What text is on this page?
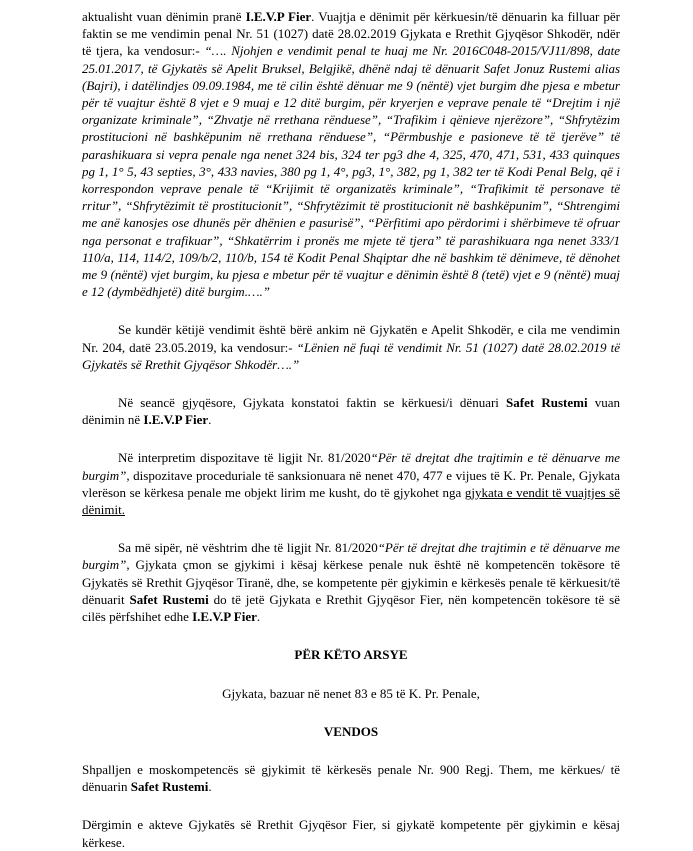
aktualisht vuan dënimin pranë I.E.V.P Fier. Vuajtja e dënimit për kërkuesin/të dënuarin ka filluar për faktin se me vendimin penal Nr. 51 (1027) datë 28.02.2019 Gjykata e Rrethit Gjyqësor Shkodër, ndër të tjera, ka vendosur:- “…. Njohjen e vendimit penal te huaj me Nr. 2016C048-2015/VJ11/898, date 25.01.2017, të Gjykatës së Apelit Bruksel, Belgjikë, dhënë ndaj të dënuarit Safet Jonuz Rustemi alias (Bajri), i datëlindjes 09.09.1984, me të cilin është dënuar me 9 (nëntë) vjet burgim dhe pjesa e mbetur për të vuajtur është 8 vjet e 9 muaj e 12 ditë burgim, për kryerjen e veprave penale të “Drejtim i një organizate kriminale”, “Zhvatje në rrethana rënduese”, “Trafikim i qënieve njerëzore”, “Shfrytëzim prostitucioni në bashkëpunim në rrethana rënduese”, “Përmbushje e pasioneve të të tjerëve” të parashikuara si vepra penale nga nenet 324 bis, 324 ter pg3 dhe 4, 325, 470, 471, 531, 433 quinques pg 1, 1° 5, 43 septies, 3°, 433 navies, 380 pg 1, 4°, pg3, 1°, 382, pg 1, 382 ter të Kodi Penal Belg, që i korrespondon veprave penale të “Krijimit të organizatës kriminale”, “Trafikimit të personave të rritur”, “Shfrytëzimit të prostitucionit”, “Shfrytëzimit të prostitucionit në bashkëpunim”, “Shtrengimi me anë kanosjes ose dhunës për dhënien e pasurisë”, “Përfitimi apo përdorimi i shërbimeve të ofruar nga personat e trafikuar”, “Shkatërrim i pronës me mjete të tjera” të parashikuara nga nenet 333/1 110/a, 114, 114/2, 109/b/2, 110/b, 154 të Kodit Penal Shqiptar dhe në bashkim të dënimeve, të dënohet me 9 (nëntë) vjet burgim, ku pjesa e mbetur për të vuajtur e dënimin është 8 (tetë) vjet e 9 (nëntë) muaj e 12 (dymbëdhjetë) ditë burgim.….”

Se kundër këtijë vendimit është bërë ankim në Gjykatën e Apelit Shkodër, e cila me vendimin Nr. 204, datë 23.05.2019, ka vendosur:- “Lënien në fuqi të vendimit Nr. 51 (1027) datë 28.02.2019 të Gjykatës së Rrethit Gjyqësor Shkodër….”

Në seancë gjyqësore, Gjykata konstatoi faktin se kërkuesi/i dënuari Safet Rustemi vuan dënimin në I.E.V.P Fier.

Në interpretim dispozitave të ligjit Nr. 81/2020“Për të drejtat dhe trajtimin e të dënuarve me burgim”, dispozitave proceduriale të sanksionuara në nenet 470, 477 e vijues të K. Pr. Penale, Gjykata vlerëson se kërkesa penale me objekt lirim me kusht, do të gjykohet nga gjykata e vendit të vuajtjes së dënimit.

Sa më sipër, në vështrim dhe të ligjit Nr. 81/2020“Për të drejtat dhe trajtimin e të dënuarve me burgim”, Gjykata çmon se gjykimi i kësaj kërkese penale nuk është në kompetencën tokësore të Gjykatës së Rrethit Gjyqësor Tiranë, dhe, se kompetente për gjykimin e kërkesës penale të kërkuesit/të dënuarit Safet Rustemi do të jetë Gjykata e Rrethit Gjyqësor Fier, nën kompetencën tokësore të së cilës përfshihet edhe I.E.V.P Fier.

PËR KËTO ARSYE

Gjykata, bazuar në nenet 83 e 85 të K. Pr. Penale,

VENDOS

Shpalljen e moskompetencës së gjykimit të kërkesës penale Nr. 900 Regj. Them, me kërkues/ të dënuarin Safet Rustemi.

Dërgimin e akteve Gjykatës së Rrethit Gjyqësor Fier, si gjykatë kompetente për gjykimin e kësaj kërkese.
